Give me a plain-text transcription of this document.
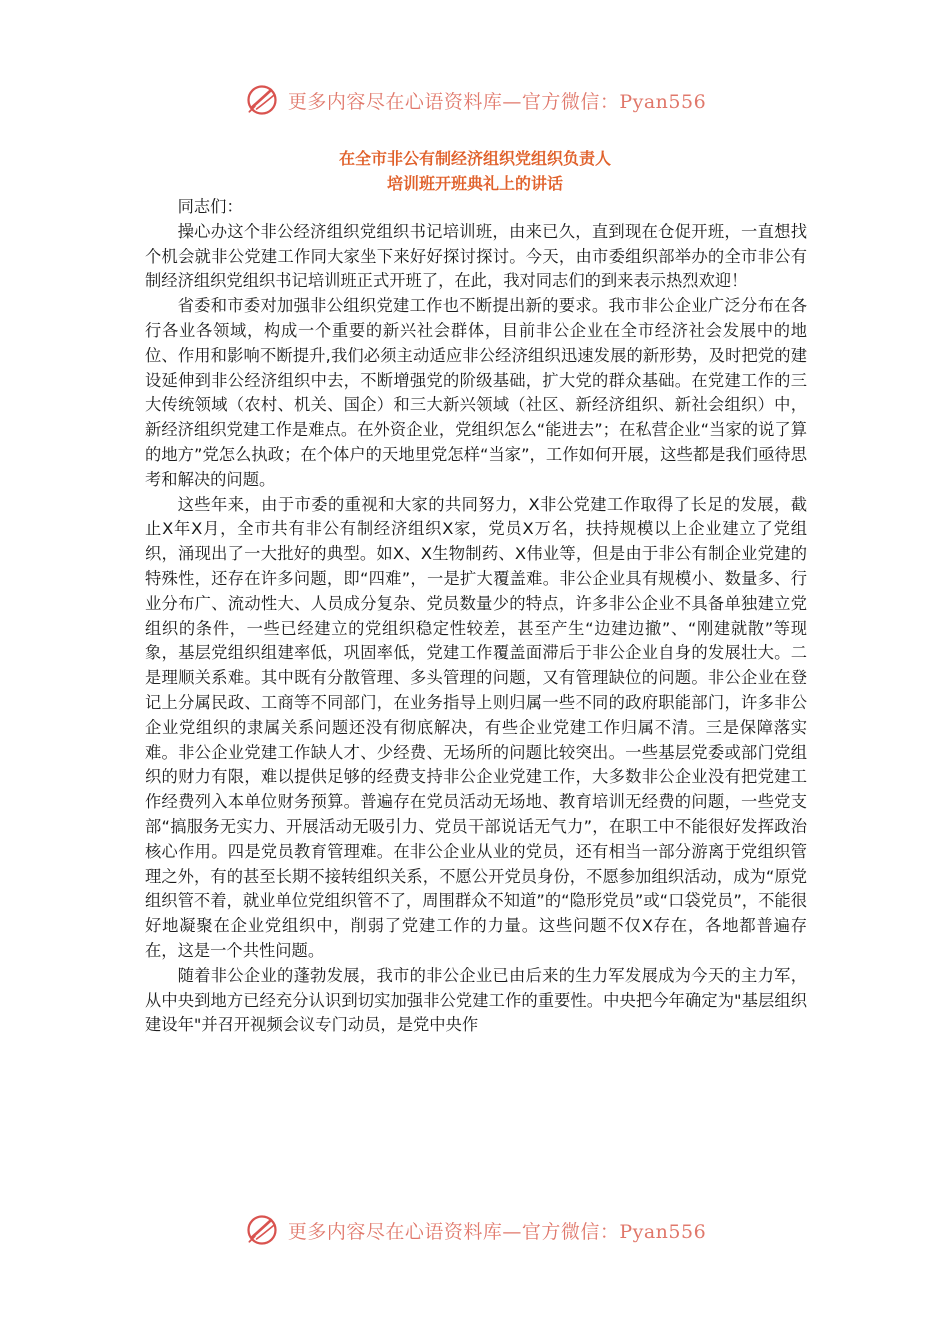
更多内容尽在心语资料库—官方微信：Pyan556
在全市非公有制经济组织党组织负责人
培训班开班典礼上的讲话

同志们：

操心办这个非公经济组织党组织书记培训班，由来已久，直到现在仓促开班，一直想找个机会就非公党建工作同大家坐下来好好探讨探讨。今天，由市委组织部举办的全市非公有制经济组织党组织书记培训班正式开班了，在此，我对同志们的到来表示热烈欢迎！

省委和市委对加强非公组织党建工作也不断提出新的要求。我市非公企业广泛分布在各行各业各领域，构成一个重要的新兴社会群体，目前非公企业在全市经济社会发展中的地位、作用和影响不断提升,我们必须主动适应非公经济组织迅速发展的新形势，及时把党的建设延伸到非公经济组织中去，不断增强党的阶级基础，扩大党的群众基础。在党建工作的三大传统领域（农村、机关、国企）和三大新兴领域（社区、新经济组织、新社会组织）中，新经济组织党建工作是难点。在外资企业，党组织怎么“能进去”；在私营企业“当家的说了算的地方”党怎么执政；在个体户的天地里党怎样“当家”，工作如何开展，这些都是我们亟待思考和解决的问题。

这些年来，由于市委的重视和大家的共同努力，X非公党建工作取得了长足的发展，截止X年X月，全市共有非公有制经济组织X家，党员X万名，扶持规模以上企业建立了党组织，涌现出了一大批好的典型。如X、X生物制药、X伟业等，但是由于非公有制企业党建的特殊性，还存在许多问题，即“四难”，一是扩大覆盖难。非公企业具有规模小、数量多、行业分布广、流动性大、人员成分复杂、党员数量少的特点，许多非公企业不具备单独建立党组织的条件，一些已经建立的党组织稳定性较差，甚至产生“边建边撤”、“刚建就散”等现象，基层党组织组建率低，巩固率低，党建工作覆盖面滞后于非公企业自身的发展壮大。二是理顺关系难。其中既有分散管理、多头管理的问题，又有管理缺位的问题。非公企业在登记上分属民政、工商等不同部门，在业务指导上则归属一些不同的政府职能部门，许多非公企业党组织的隶属关系问题还没有彻底解决，有些企业党建工作归属不清。三是保障落实难。非公企业党建工作缺人才、少经费、无场所的问题比较突出。一些基层党委或部门党组织的财力有限，难以提供足够的经费支持非公企业党建工作，大多数非公企业没有把党建工作经费列入本单位财务预算。普遍存在党员活动无场地、教育培训无经费的问题，一些党支部“搞服务无实力、开展活动无吸引力、党员干部说话无气力”，在职工中不能很好发挥政治核心作用。四是党员教育管理难。在非公企业从业的党员，还有相当一部分游离于党组织管理之外，有的甚至长期不接转组织关系，不愿公开党员身份，不愿参加组织活动，成为“原党组织管不着，就业单位党组织管不了，周围群众不知道”的“隐形党员”或“口袋党员”，不能很好地凝聚在企业党组织中，削弱了党建工作的力量。这些问题不仅X存在，各地都普遍存在，这是一个共性问题。

随着非公企业的蓬勃发展，我市的非公企业已由后来的生力军发展成为今天的主力军，从中央到地方已经充分认识到切实加强非公党建工作的重要性。中央把今年确定为"基层组织建设年"并召开视频会议专门动员，是党中央作

更多内容尽在心语资料库—官方微信：Pyan556
